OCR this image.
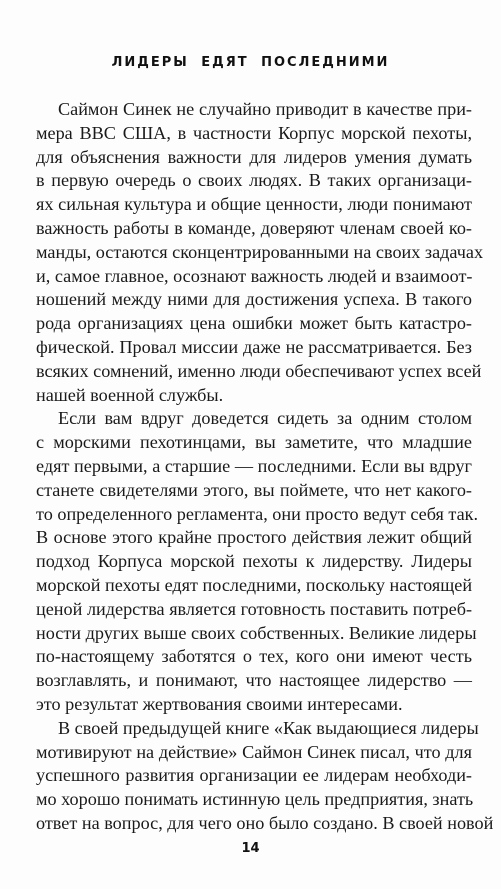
ЛИДЕРЫ ЕДЯТ ПОСЛЕДНИМИ

Саймон Синек не случайно приводит в качестве при-
мера ВВС США, в частности Корпус морской пехоты,
для объяснения важности для лидеров умения думать
в первую очередь о своих людях. В таких организаци-
ях сильная культура и общие ценности, люди понимают
важность работы в команде, доверяют членам своей ко-
манды, остаются сконцентрированными на своих задачах
и, самое главное, осознают важность людей и взаимоот-
ношений между ними для достижения успеха. В такого
рода организациях цена ошибки может быть катастро-
фической. Провал миссии даже не рассматривается. Без
всяких сомнений, именно люди обеспечивают успех всей
нашей военной службы.

Если вам вдруг доведется сидеть за одним столом
с морскими пехотинцами, вы заметите, что младшие
едят первыми, а старшие — последними. Если вы вдруг
станете свидетелями этого, вы поймете, что нет какого-
то определенного регламента, они просто ведут себя так.
В основе этого крайне простого действия лежит общий
подход Корпуса морской пехоты к лидерству. Лидеры
морской пехоты едят последними, поскольку настоящей
ценой лидерства является готовность поставить потреб-
ности других выше своих собственных. Великие лидеры
по-настоящему заботятся о тех, кого они имеют честь
возглавлять, и понимают, что настоящее лидерство —
это результат жертвования своими интересами.

В своей предыдущей книге «Как выдающиеся лидеры
мотивируют на действие» Саймон Синек писал, что для
успешного развития организации ее лидерам необходи-
мо хорошо понимать истинную цель предприятия, знать
ответ на вопрос, для чего оно было создано. В своей новой

14
